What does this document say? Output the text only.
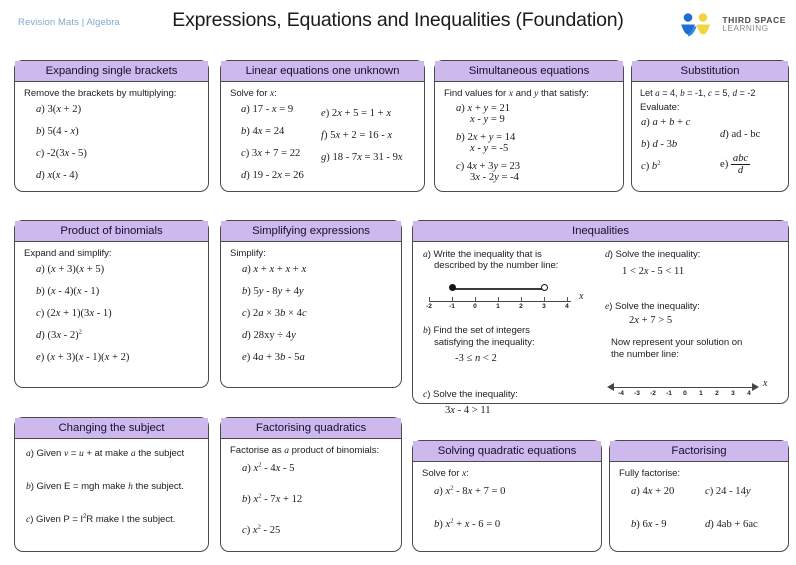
Revision Mats | Algebra	Expressions, Equations and Inequalities (Foundation)	THIRD SPACE
LEARNING
Expanding single brackets
Remove the brackets by multiplying:
a) 3(x + 2)
b) 5(4 - x)
c) -2(3x - 5)
d) x(x - 4)
Linear equations one unknown
Solve for x:
a) 17 - x = 9
b) 4x = 24
c) 3x + 7 = 22
d) 19 - 2x = 26
e) 2x + 5 = 1 + x
f) 5x + 2 = 16 - x
g) 18 - 7x = 31 - 9x
Simultaneous equations
Find values for x and y that satisfy:
a) x + y = 21
x - y = 9
b) 2x + y = 14
x - y = -5
c) 4x + 3y = 23
3x - 2y = -4
Substitution
Let a = 4, b = -1, c = 5, d = -2
Evaluate:
a) a + b + c
b) d - 3b
c) $b^2$
d) ad - bc
$e) \frac{\text{abc}}{d}$
Product of binomials
Expand and simplify:
a) (x + 3)(x + 5)
b) (x - 4)(x - 1)
c) (2x + 1)(3x - 1)
d) (3x - 2)$^2$
e) (x + 3)(x - 1)(x + 2)
Simplifying expressions
Simplify:
a) x + x + x + x
b) 5y - 8y + 4y
c) 2a × 3b × 4c
d) 28xy ÷ 4y
e) 4a + 3b - 5a
Inequalities
a) Write the inequality that is
described by the number line:
-2	-1	0	1	2	3	4
x
b) Find the set of integers
satisfying the inequality:
-3 ≤ n < 2
c) Solve the inequality:
3x - 4 > 11
d) Solve the inequality:
1 < 2x - 5 < 11
e) Solve the inequality:
2x + 7 > 5
Now represent your solution on
the number line:
-4	-3	-2	-1	0	1	2	3	4
x
Changing the subject
a) Given v = u + at make a the subject
b) Given E = mgh make h the subject.
c) Given $P = I^2R$ make I the subject.
Factorising quadratics
Factorise as a product of binomials:
a) $x^2 - 4x - 5$
b) $x^2 - 7x + 12$
c) $x^2 - 25$
Solving quadratic equations
Solve for x:
a) $x^2 - 8x + 7 = 0$
b) $x^2 + x - 6 = 0$
Factorising
Fully factorise:
a) 4x + 20
b) 6x - 9
c) 24 - 14y
d) 4ab + 6ac
